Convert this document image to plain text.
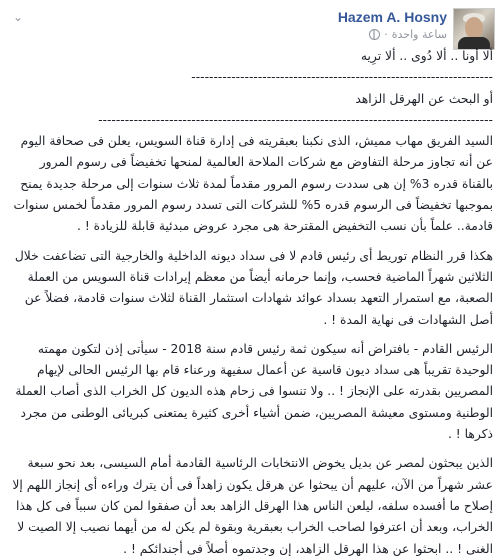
Hazem A. Hosny
ساعة واحدة
·
⌄

ألا أونا .. ألا دُوى .. ألا ترِيه

--------------------------------------------------------------------

أو البحث عن الهرقل الزاهد

-----------------------------------------------------------------------------------------

السيد الفريق مهاب مميش، الذى نكبنا بعبقريته فى إدارة قناة السويس، يعلن فى صحافة اليوم عن أنه تجاوز مرحلة التفاوض مع شركات الملاحة العالمية لمنحها تخفيضاً فى رسوم المرور بالقناة قدره 3% إن هى سددت رسوم المرور مقدماً لمدة ثلاث سنوات إلى مرحلة جديدة يمنح بموجبها تخفيضاً فى الرسوم قدره 5% للشركات التى تسدد رسوم المرور مقدماً لخمس سنوات قادمة.. علماً بأن نسب التخفيض المقترحة هى مجرد عروض مبدئية قابلة للزيادة ! .

هكذا قرر النظام توريط أى رئيس قادم لا فى سداد ديونه الداخلية والخارجية التى تضاعفت خلال الثلاثين شهراً الماضية فحسب، وإنما حرمانه أيضاً من معظم إيرادات قناة السويس من العملة الصعبة، مع استمرار التعهد بسداد عوائد شهادات استثمار القناة لثلاث سنوات قادمة، فضلاً عن أصل الشهادات فى نهاية المدة ! .

الرئيس القادم - بافتراض أنه سيكون ثمة رئيس قادم سنة 2018 - سيأتى إذن لتكون مهمته الوحيدة تقريباً هى سداد ديون قاسية عن أعمال سفيهة ورعناء قام بها الرئيس الحالى لإيهام المصريين بقدرته على الإنجاز ! .. ولا تنسوا فى زحام هذه الديون كل الخراب الذى أصاب العملة الوطنية ومستوى معيشة المصريين، ضمن أشياء أخرى كثيرة يمتعنى كبريائى الوطنى من مجرد ذكرها ! .

الذين يبحثون لمصر عن بديل يخوض الانتخابات الرئاسية القادمة أمام السيسى، بعد نحو سبعة عشر شهراً من الآن، عليهم أن يبحثوا عن هرقل يكون زاهداً فى أن يترك وراءه أى إنجاز اللهم إلا إصلاح ما أفسده سلفه، ليلعن الناس هذا الهرقل الزاهد بعد أن صفقوا لمن كان سبباً فى كل هذا الخراب، وبعد أن اعترفوا لصاحب الخراب بعبقرية وبقوة لم يكن له من أيهما نصيب إلا الصيت لا الغنى ! .. ابحثوا عن هذا الهرقل الزاهد، إن وجدتموه أصلاً فى أجندائكم ! .
